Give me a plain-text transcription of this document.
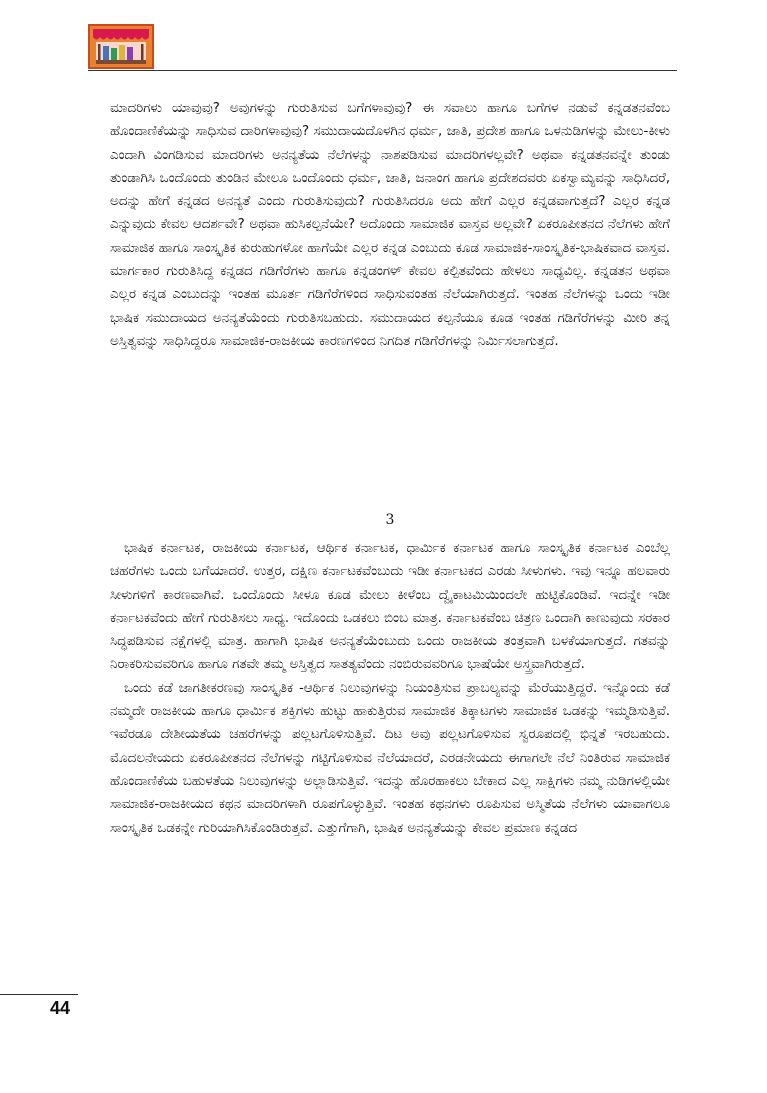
ಮಾದರಿಗಳು ಯಾವುವು? ಅವುಗಳನ್ನು ಗುರುತಿಸುವ ಬಗೆಗಳಾವುವು? ಈ ಸವಾಲು ಹಾಗೂ ಬಗೆಗಳ ನಡುವೆ ಕನ್ನಡತನವೆಂಬ ಹೊಂದಾಣಿಕೆಯನ್ನು ಸಾಧಿಸುವ ದಾರಿಗಳಾವುವು? ಸಮುದಾಯದೊಳಗಿನ ಧರ್ಮ, ಜಾತಿ, ಪ್ರದೇಶ ಹಾಗೂ ಒಳನುಡಿಗಳನ್ನು ಮೇಲು-ಕೀಳು ಎಂದಾಗಿ ವಿಂಗಡಿಸುವ ಮಾದರಿಗಳು ಅನನ್ಯತೆಯ ನೆಲೆಗಳನ್ನು ನಾಶಪಡಿಸುವ ಮಾದರಿಗಳಲ್ಲವೇ? ಅಥವಾ ಕನ್ನಡತನವನ್ನೇ ತುಂಡು ತುಂಡಾಗಿಸಿ ಒಂದೊಂದು ತುಂಡಿನ ಮೇಲೂ ಒಂದೊಂದು ಧರ್ಮ, ಜಾತಿ, ಜನಾಂಗ ಹಾಗೂ ಪ್ರದೇಶದವರು ಏಕಸ್ವಾಮ್ಯವನ್ನು ಸಾಧಿಸಿದರೆ, ಅದನ್ನು ಹೇಗೆ ಕನ್ನಡದ ಅನನ್ಯತೆ ಎಂದು ಗುರುತಿಸುವುದು? ಗುರುತಿಸಿದರೂ ಅದು ಹೇಗೆ ಎಲ್ಲರ ಕನ್ನಡವಾಗುತ್ತದೆ? ಎಲ್ಲರ ಕನ್ನಡ ಎನ್ನುವುದು ಕೇವಲ ಆದರ್ಶವೇ? ಅಥವಾ ಹುಸಿಕಲ್ಪನೆಯೇ? ಅದೊಂದು ಸಾಮಾಜಿಕ ವಾಸ್ತವ ಅಲ್ಲವೇ? ಏಕರೂಪೀತನದ ನೆಲೆಗಳು ಹೇಗೆ ಸಾಮಾಜಿಕ ಹಾಗೂ ಸಾಂಸ್ಕೃತಿಕ ಕುರುಹುಗಳೋ ಹಾಗೆಯೇ ಎಲ್ಲರ ಕನ್ನಡ ಎಂಬುದು ಕೂಡ ಸಾಮಾಜಿಕ-ಸಾಂಸ್ಕೃತಿಕ-ಭಾಷಿಕವಾದ ವಾಸ್ತವ. ಮಾರ್ಗಕಾರ ಗುರುತಿಸಿದ್ದ ಕನ್ನಡದ ಗಡಿಗೆರೆಗಳು ಹಾಗೂ ಕನ್ನಡಂಗಳ್ ಕೇವಲ ಕಲ್ಪಿತವೆಂದು ಹೇಳಲು ಸಾಧ್ಯವಿಲ್ಲ. ಕನ್ನಡತನ ಅಥವಾ ಎಲ್ಲರ ಕನ್ನಡ ಎಂಬುದನ್ನು ಇಂತಹ ಮೂರ್ತ ಗಡಿಗೆರೆಗಳಿಂದ ಸಾಧಿಸುವಂತಹ ನೆಲೆಯಾಗಿರುತ್ತದೆ. ಇಂತಹ ನೆಲೆಗಳನ್ನು ಒಂದು ಇಡೀ ಭಾಷಿಕ ಸಮುದಾಯದ ಅನನ್ಯತೆಯೆಂದು ಗುರುತಿಸಬಹುದು. ಸಮುದಾಯದ ಕಲ್ಪನೆಯೂ ಕೂಡ ಇಂತಹ ಗಡಿಗೆರೆಗಳನ್ನು ಮೀರಿ ತನ್ನ ಅಸ್ತಿತ್ವವನ್ನು ಸಾಧಿಸಿದ್ದರೂ ಸಾಮಾಜಿಕ-ರಾಜಕೀಯ ಕಾರಣಗಳಿಂದ ನಿಗದಿತ ಗಡಿಗೆರೆಗಳನ್ನು ನಿರ್ಮಿಸಲಾಗುತ್ತದೆ.

3

ಭಾಷಿಕ ಕರ್ನಾಟಕ, ರಾಜಕೀಯ ಕರ್ನಾಟಕ, ಆರ್ಥಿಕ ಕರ್ನಾಟಕ, ಧಾರ್ಮಿಕ ಕರ್ನಾಟಕ ಹಾಗೂ ಸಾಂಸ್ಕೃತಿಕ ಕರ್ನಾಟಕ ಎಂಬೆಲ್ಲ ಚಹರೆಗಳು ಒಂದು ಬಗೆಯಾದರೆ. ಉತ್ತರ, ದಕ್ಷಿಣ ಕರ್ನಾಟಕವೆಂಬುದು ಇಡೀ ಕರ್ನಾಟಕದ ಎರಡು ಸೀಳುಗಳು. ಇವು ಇನ್ನೂ ಹಲವಾರು ಸೀಳುಗಳಿಗೆ ಕಾರಣವಾಗಿವೆ. ಒಂದೊಂದು ಸೀಳೂ ಕೂಡ ಮೇಲು ಕೀಳೆಂಬ ದ್ವೈಕಾಟಮಿಯಿಂದಲೇ ಹುಟ್ಟಿಕೊಂಡಿವೆ. ಇದನ್ನೇ ಇಡೀ ಕರ್ನಾಟಕವೆಂದು ಹೇಗೆ ಗುರುತಿಸಲು ಸಾಧ್ಯ. ಇದೊಂದು ಒಡಕಲು ಬಿಂಬ ಮಾತ್ರ. ಕರ್ನಾಟಕವೆಂಬ ಚಿತ್ರಣ ಒಂದಾಗಿ ಕಾಣುವುದು ಸರಕಾರ ಸಿದ್ಧಪಡಿಸುವ ನಕ್ಷೆಗಳಲ್ಲಿ ಮಾತ್ರ. ಹಾಗಾಗಿ ಭಾಷಿಕ ಅನನ್ಯತೆಯೆಂಬುದು ಒಂದು ರಾಜಕೀಯ ತಂತ್ರವಾಗಿ ಬಳಕೆಯಾಗುತ್ತದೆ. ಗತವನ್ನು ನಿರಾಕರಿಸುವವರಿಗೂ ಹಾಗೂ ಗತವೇ ತಮ್ಮ ಅಸ್ತಿತ್ವದ ಸಾತತ್ಯವೆಂದು ನಂಬಿರುವವರಿಗೂ ಭಾಷೆಯೇ ಅಸ್ತ್ರವಾಗಿರುತ್ತದೆ.

ಒಂದು ಕಡೆ ಜಾಗತೀಕರಣವು ಸಾಂಸ್ಕೃತಿಕ -ಆರ್ಥಿಕ ನಿಲುವುಗಳನ್ನು ನಿಯಂತ್ರಿಸುವ ಪ್ರಾಬಲ್ಯವನ್ನು ಮೆರೆಯುತ್ತಿದ್ದರೆ. ಇನ್ನೊಂದು ಕಡೆ ನಮ್ಮದೇ ರಾಜಕೀಯ ಹಾಗೂ ಧಾರ್ಮಿಕ ಶಕ್ತಿಗಳು ಹುಟ್ಟು ಹಾಕುತ್ತಿರುವ ಸಾಮಾಜಿಕ ತಿಕ್ಕಾಟಗಳು ಸಾಮಾಜಿಕ ಒಡಕನ್ನು ಇಮ್ಮಡಿಸುತ್ತಿವೆ. ಇವೆರಡೂ ದೇಶೀಯತೆಯ ಚಹರೆಗಳನ್ನು ಪಲ್ಲಟಗೊಳಿಸುತ್ತಿವೆ. ದಿಟ ಅವು ಪಲ್ಲಟಗೊಳಿಸುವ ಸ್ವರೂಪದಲ್ಲಿ ಭಿನ್ನತೆ ಇರಬಹುದು. ಮೊದಲನೇಯದು ಏಕರೂಪೀತನದ ನೆಲೆಗಳನ್ನು ಗಟ್ಟಿಗೊಳಿಸುವ ನೆಲೆಯಾದರೆ, ಎರಡನೇಯದು ಈಗಾಗಲೇ ನೆಲೆ ನಿಂತಿರುವ ಸಾಮಾಜಿಕ ಹೊಂದಾಣಿಕೆಯ ಬಹುಳತೆಯ ನಿಲುವುಗಳನ್ನು ಅಲ್ಲಾಡಿಸುತ್ತಿವೆ. ಇದನ್ನು ಹೊರಹಾಕಲು ಬೇಕಾದ ಎಲ್ಲ ಸಾಕ್ಷಿಗಳು ನಮ್ಮ ನುಡಿಗಳಲ್ಲಿಯೇ ಸಾಮಾಜಿಕ-ರಾಜಕೀಯದ ಕಥನ ಮಾದರಿಗಳಾಗಿ ರೂಪಗೊಳ್ಳುತ್ತಿವೆ. ಇಂತಹ ಕಥನಗಳು ರೂಪಿಸುವ ಅಸ್ಮಿತೆಯ ನೆಲೆಗಳು ಯಾವಾಗಲೂ ಸಾಂಸ್ಕೃತಿಕ ಒಡಕನ್ನೇ ಗುರಿಯಾಗಿಸಿಕೊಂಡಿರುತ್ತವೆ. ಎತ್ತುಗೆಗಾಗಿ, ಭಾಷಿಕ ಅನನ್ಯತೆಯನ್ನು ಕೇವಲ ಪ್ರಮಾಣ ಕನ್ನಡದ

44
